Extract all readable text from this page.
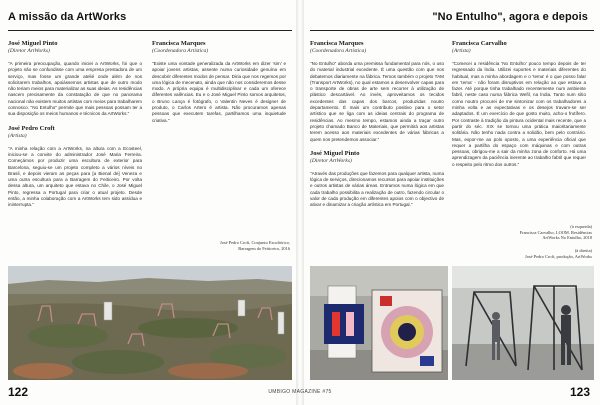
A missão da ArtWorks
José Miguel Pinto
(Diretor ArtWorks)

"A primeira preocupação, quando iniciei a ArtWorks, foi que o projeto não se confundisse com uma empresa prestadora de um serviço, mas fosse um grande atelié onde além de nos solicitarem trabalhos, apoiássemos artistas que de outro modo não teriam meios para materializar as suas ideias. As residências nascem precisamente da constatação de que no panorama nacional não existem muitos artistas com meios para trabalharem connosco. "No Entulho" permite que mais pessoas possam ter a sua disposição os meios humanos e técnicos da ArtWorks."

José Pedro Croft
(Artista)

"A minha relação com a ArtWorks, na altura com a Ecosteel, iniciou-se a convite do administrador José Maria Ferreira. Começámos por produzir uma escultura de exterior para Barcelona, seguiu-se um projeto completo a vários níveis no Brasil, e depois vieram as peças para [a Bienal de] Veneza e uma outra escultura para a Barragem do Feiticeiro. Por volta dessa altura, um arquiteto que estava no Chile, o José Miguel Pinto, regressa a Portugal para criar o atual projeto. Desde então, a minha colaboração com a ArtWorks tem sido assídua e ininterrupta."

Francisca Marques
(Coordenadora Artística)

"Existe uma vontade generalizada da ArtWorks em dizer 'sim' e apoiar jovens artistas, assente numa curiosidade genuína em descobrir diferentes modos de pensar. Diria que nos regemos por uma lógica de mecenato, ainda que não nos consideremos desse modo. A própria equipa é multidisciplinar e cada um oferece diferentes valências. Eu e o José Miguel Pinto somos arquitetos, o Bruno Lança é fotógrafo, o Valentin Neves é designer de produto, o Carlos Artero é artista. Não procuramos apenas pessoas que executem tarefas, partilhamos uma inquietude criativa."

José Pedro Croft, Conjunto Escultórico,
Barragem do Feiticeiro, 2016
122
"No Entulho", agora e depois
Francisca Marques
(Coordenadora Artística)

"No Entulho" aborda uma premissa fundamental para nós, o uso do material industrial excedente. É uma questão com que nos debatemos diariamente na fábrica. Temos também o projeto TAM (Transport ArtWorks), no qual estamos a desenvolver capas para o transporte de obras de arte sem recorrer à utilização de plástico descartável. Ao invés, aproveitamos os tecidos excedentes das capas dos barcos, produzidas noutro departamento. É mais um contributo positivo para o setor artístico que se liga com as ideias centrais do programa de residências. Ao mesmo tempo, estamos ainda a traçar outro projeto chamado Banco de Materiais, que permitirá aos artistas terem acesso aos materiais excedentes de várias fábricas a quem nos pretendemos associar."

José Miguel Pinto
(Diretor ArtWorks)

"Através das produções que fazemos para qualquer artista, numa lógica de serviços, direcionamos recursos para apoiar instituições e outros artistas de várias áreas. Entramos numa lógica em que cada trabalho possibilita a realização de outro, fazendo circular o valor de cada produção em diferentes apoios com o objectivo de ativar e dinamizar a criação artística em Portugal."

Francisca Carvalho
(Artista)

"Comecei a residência 'No Entulho' pouco tempo depois de ter regressado da Índia. Utilizei suportes e materiais diferentes do habitual, mas a minha abordagem e o 'tema' é o que posso falar em 'tema' - não foram disruptivos em relação ao que estava a fazer. Até porque tinha trabalhado recentemente num ambiente fabril, neste caso numa fábrica Wefil, na Índia. Tanto num sítio como noutro procurei de me sintonizar com os trabalhadores a minha volta e as expectativas e os desejos travam-se ser adaptados. É um exercício de que gosto muito, acho-o frutífero. Por contraste à tradição da pintura ocidental mais recente, que a partir do séc. XIX se tornou uma prática maioritariamente solitária. Não tenho nada contra a solidão, bem pelo contrário. Mas, expor-me ao polo oposto, a uma experiência oficial que requer a partilha do espaço com máquinas e com outras pessoas, obrigou-me a sair da minha zona de conforto. Há uma aprendizagem da paciência inerente ao trabalho fabril que requer o respeito pelo ritmo dos outros."

(à esquerda)
Francisca Carvalho, LOOM. Residências
ArtWorks No Entulho, 2018
(à direita)
José Pedro Croft, produção, ArtWorks
123
UMBIGO MAGAZINE #75
